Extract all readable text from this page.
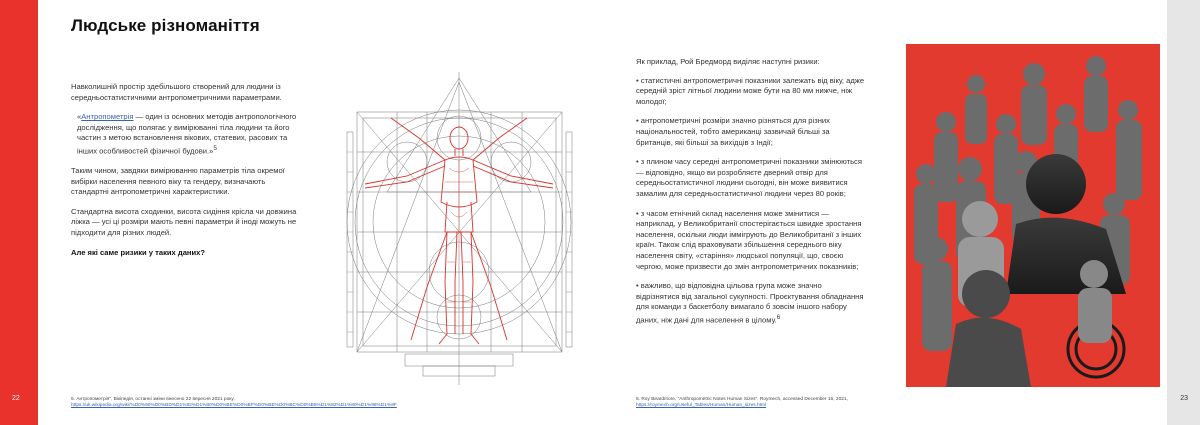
22	23
Людське різноманіття

Навколишній простір здебільшого створений для людини із середньостатистичними антропометричними параметрами.

«Антропометрія — один із основних методів антропологічного дослідження, що полягає у вимірюванні тіла людини та його частин з метою встановлення вікових, статевих, расових та інших особливостей фізичної будови.»$^5$

Таким чином, завдяки вимірюванню параметрів тіла окремої вибірки населення певного віку та гендеру, визначають стандартні антропометричні характеристики.

Стандартна висота сходинки, висота сидіння крісла чи довжина ліжка — усі ці розміри мають певні параметри й іноді можуть не підходити для різних людей.

Але які саме ризики у таких даних?

Як приклад, Рой Бредморд виділяє наступні ризики:

• статистичні антропометричні показники залежать від віку, адже середній зріст літньої людини може бути на 80 мм нижче, ніж молодої;

• антропометричні розміри значно різняться для різних національностей, тобто американці зазвичай більші за британців, які більші за вихідців з Індії;

• з плином часу середні антропометричні показники змінюються — відповідно, якщо ви розробляєте дверний отвір для середньостатистичної людини сьогодні, він може виявитися замалим для середньостатистичної людини через 80 років;

• з часом етнічний склад населення може змінитися — наприклад, у Великобританії спостерігається швидке зростання населення, оскільки люди іммігрують до Великобританії з інших країн. Також слід враховувати збільшення середнього віку населення світу, «старіння» людської популяції, що, своєю чергою, може призвести до змін антропометричних показників;

• важливо, що відповідна цільова група може значно відрізнятися від загальної сукупності. Проєктування обладнання для команди з баскетболу вимагало б зовсім іншого набору даних, ніж дані для населення в цілому.$^6$

5. Антропометрія", Вікіпедія, останні зміни внесено 22 вересня 2021 року,
https://uk.wikipedia.org/wiki/%D0%90%D0%BD%D1%82%D1%80%D0%BE%D0%BF%D0%BE%D0%BC%D0%B5%D1%82%D1%80%D1%96%D1%8F
6. Roy Beardmore, "Anthropometric Notes Human Sizes", Roymech, accessed December 15, 2021,
https://roymech.org/Useful_Tables/Human/Human_sizes.html
